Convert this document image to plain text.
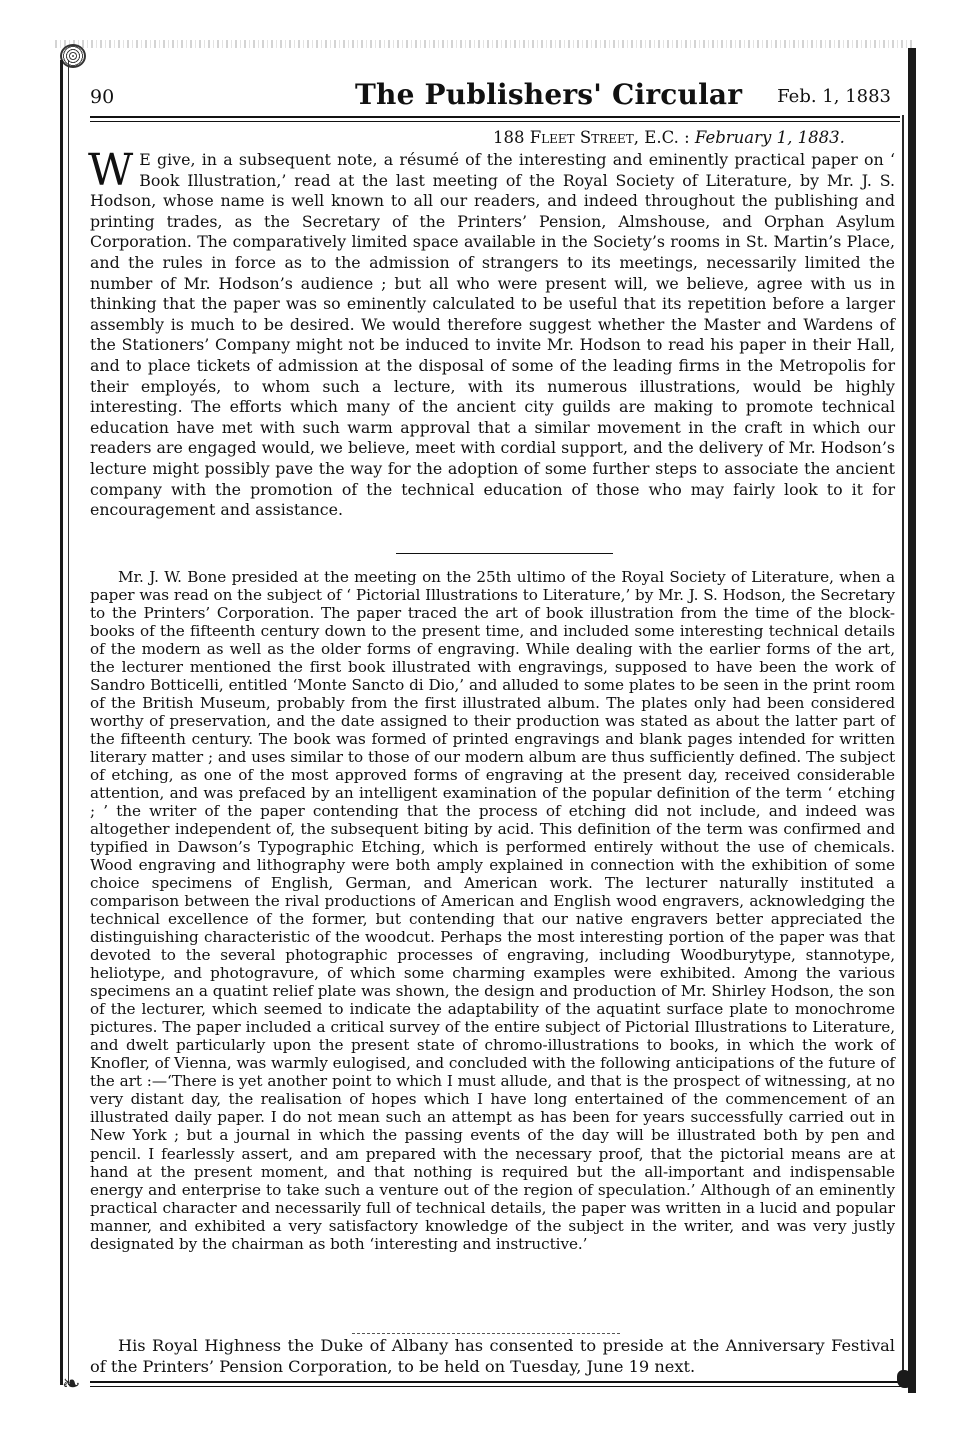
90	The Publishers' Circular Feb. 1, 1883
188 Fleet Street, E.C. : February 1, 1883.
W E give, in a subsequent note, a résumé of the interesting and eminently practical paper on ‘ Book Illustration,’ read at the last meeting of the Royal Society of Literature, by Mr. J. S. Hodson, whose name is well known to all our readers, and indeed throughout the publishing and printing trades, as the Secretary of the Printers’ Pension, Almshouse, and Orphan Asylum Corporation. The comparatively limited space available in the Society’s rooms in St. Martin’s Place, and the rules in force as to the admission of strangers to its meetings, necessarily limited the number of Mr. Hodson’s audience ; but all who were present will, we believe, agree with us in thinking that the paper was so eminently calculated to be useful that its repetition before a larger assembly is much to be desired. We would therefore suggest whether the Master and Wardens of the Stationers’ Company might not be induced to invite Mr. Hodson to read his paper in their Hall, and to place tickets of admission at the disposal of some of the leading firms in the Metropolis for their employés, to whom such a lecture, with its numerous illustrations, would be highly interesting. The efforts which many of the ancient city guilds are making to promote technical education have met with such warm approval that a similar movement in the craft in which our readers are engaged would, we believe, meet with cordial support, and the delivery of Mr. Hodson’s lecture might possibly pave the way for the adoption of some further steps to associate the ancient company with the promotion of the technical education of those who may fairly look to it for encouragement and assistance.

Mr. J. W. Bone presided at the meeting on the 25th ultimo of the Royal Society of Literature, when a paper was read on the subject of ‘ Pictorial Illustrations to Literature,’ by Mr. J. S. Hodson, the Secretary to the Printers’ Corporation. The paper traced the art of book illustration from the time of the block-books of the fifteenth century down to the present time, and included some interesting technical details of the modern as well as the older forms of engraving. While dealing with the earlier forms of the art, the lecturer mentioned the first book illustrated with engravings, supposed to have been the work of Sandro Botticelli, entitled ‘Monte Sancto di Dio,’ and alluded to some plates to be seen in the print room of the British Museum, probably from the first illustrated album. The plates only had been considered worthy of preservation, and the date assigned to their production was stated as about the latter part of the fifteenth century. The book was formed of printed engravings and blank pages intended for written literary matter ; and uses similar to those of our modern album are thus sufficiently defined. The subject of etching, as one of the most approved forms of engraving at the present day, received considerable attention, and was prefaced by an intelligent examination of the popular definition of the term ‘ etching ; ’ the writer of the paper contending that the process of etching did not include, and indeed was altogether independent of, the subsequent biting by acid. This definition of the term was confirmed and typified in Dawson’s Typographic Etching, which is performed entirely without the use of chemicals. Wood engraving and lithography were both amply explained in connection with the exhibition of some choice specimens of English, German, and American work. The lecturer naturally instituted a comparison between the rival productions of American and English wood engravers, acknowledging the technical excellence of the former, but contending that our native engravers better appreciated the distinguishing characteristic of the woodcut. Perhaps the most interesting portion of the paper was that devoted to the several photographic processes of engraving, including Woodburytype, stannotype, heliotype, and photogravure, of which some charming examples were exhibited. Among the various specimens an a quatint relief plate was shown, the design and production of Mr. Shirley Hodson, the son of the lecturer, which seemed to indicate the adaptability of the aquatint surface plate to monochrome pictures. The paper included a critical survey of the entire subject of Pictorial Illustrations to Literature, and dwelt particularly upon the present state of chromo-illustrations to books, in which the work of Knofler, of Vienna, was warmly eulogised, and concluded with the following anticipations of the future of the art :—‘There is yet another point to which I must allude, and that is the prospect of witnessing, at no very distant day, the realisation of hopes which I have long entertained of the commencement of an illustrated daily paper. I do not mean such an attempt as has been for years successfully carried out in New York ; but a journal in which the passing events of the day will be illustrated both by pen and pencil. I fearlessly assert, and am prepared with the necessary proof, that the pictorial means are at hand at the present moment, and that nothing is required but the all-important and indispensable energy and enterprise to take such a venture out of the region of speculation.’ Although of an eminently practical character and necessarily full of technical details, the paper was written in a lucid and popular manner, and exhibited a very satisfactory knowledge of the subject in the writer, and was very justly designated by the chairman as both ‘interesting and instructive.’

His Royal Highness the Duke of Albany has consented to preside at the Anniversary Festival of the Printers’ Pension Corporation, to be held on Tuesday, June 19 next.

❧
